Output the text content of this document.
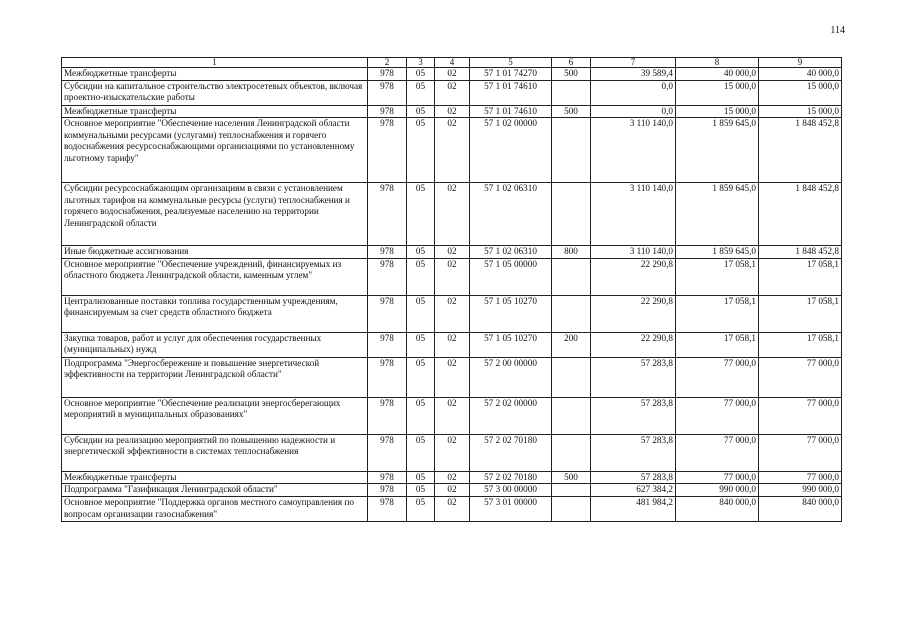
114
1	2	3	4	5	6	7	8	9
Межбюджетные трансферты	978	05	02	57 1 01 74270	500	39 589,4	40 000,0	40 000,0
Субсидии на капитальное строительство электросетевых объектов, включая проектно-изыскательские работы	978	05	02	57 1 01 74610		0,0	15 000,0	15 000,0
Межбюджетные трансферты	978	05	02	57 1 01 74610	500	0,0	15 000,0	15 000,0
Основное мероприятие "Обеспечение населения Ленинградской области коммунальными ресурсами (услугами) теплоснабжения и горячего водоснабжения ресурсоснабжающими организациями по установленному льготному тарифу"	978	05	02	57 1 02 00000		3 110 140,0	1 859 645,0	1 848 452,8
Субсидии ресурсоснабжающим организациям в связи с установлением льготных тарифов на коммунальные ресурсы (услуги) теплоснабжения и горячего водоснабжения, реализуемые населению на территории Ленинградской области	978	05	02	57 1 02 06310		3 110 140,0	1 859 645,0	1 848 452,8
Иные бюджетные ассигнования	978	05	02	57 1 02 06310	800	3 110 140,0	1 859 645,0	1 848 452,8
Основное мероприятие "Обеспечение учреждений, финансируемых из областного бюджета Ленинградской области, каменным углем"	978	05	02	57 1 05 00000		22 290,8	17 058,1	17 058,1
Централизованные поставки топлива государственным учреждениям, финансируемым за счет средств областного бюджета	978	05	02	57 1 05 10270		22 290,8	17 058,1	17 058,1
Закупка товаров, работ и услуг для обеспечения государственных (муниципальных) нужд	978	05	02	57 1 05 10270	200	22 290,8	17 058,1	17 058,1
Подпрограмма "Энергосбережение и повышение энергетической эффективности на территории Ленинградской области"	978	05	02	57 2 00 00000		57 283,8	77 000,0	77 000,0
Основное мероприятие "Обеспечение реализации энергосберегающих мероприятий в муниципальных образованиях"	978	05	02	57 2 02 00000		57 283,8	77 000,0	77 000,0
Субсидии на реализацию мероприятий по повышению надежности и энергетической эффективности в системах теплоснабжения	978	05	02	57 2 02 70180		57 283,8	77 000,0	77 000,0
Межбюджетные трансферты	978	05	02	57 2 02 70180	500	57 283,8	77 000,0	77 000,0
Подпрограмма "Газификация Ленинградской области"	978	05	02	57 3 00 00000		627 384,2	990 000,0	990 000,0
Основное мероприятие "Поддержка органов местного самоуправления по вопросам организации газоснабжения"	978	05	02	57 3 01 00000		481 984,2	840 000,0	840 000,0
